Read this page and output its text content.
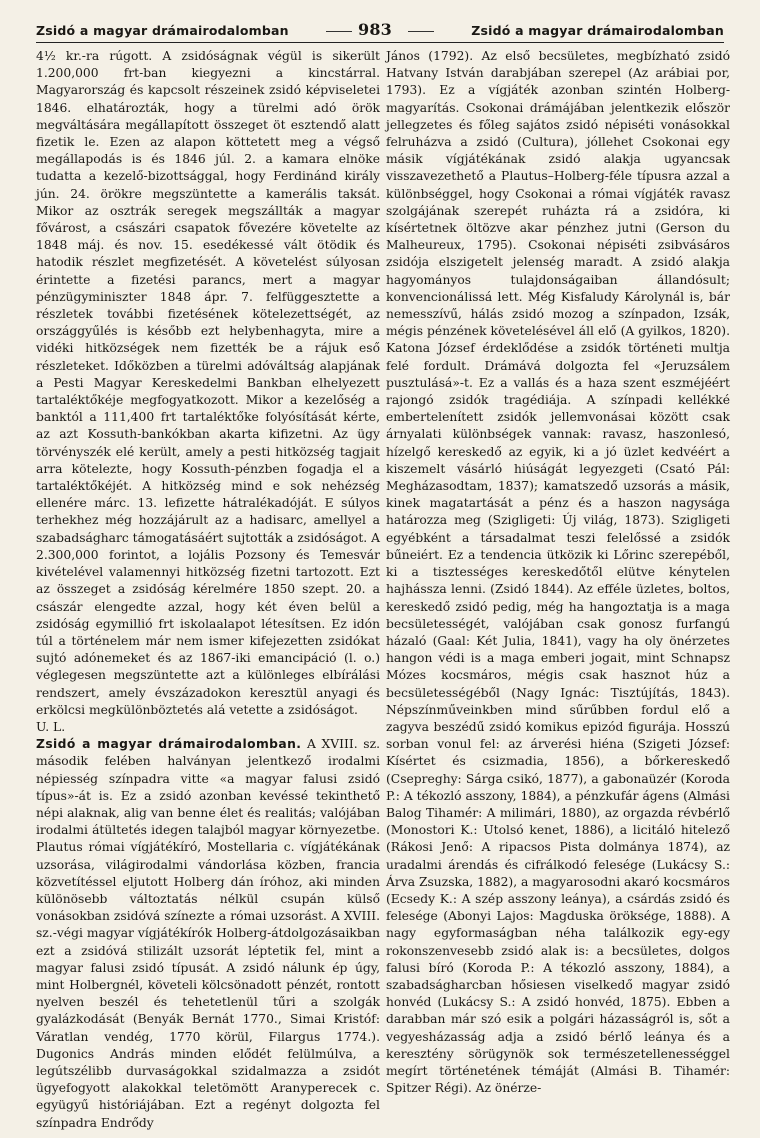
Zsidó a magyar drámairodalomban	983	Zsidó a magyar drámairodalomban

4½ kr.-ra rúgott. A zsidóságnak végül is sikerült 1.200,000 frt-ban kiegyezni a kincstárral. Magyarország és kapcsolt részeinek zsidó képviseletei 1846. elhatározták, hogy a türelmi adó örök megváltására megállapított összeget öt esztendő alatt fizetik le. Ezen az alapon köttetett meg a végső megállapodás is és 1846 júl. 2. a kamara elnöke tudatta a kezelő-bizottsággal, hogy Ferdinánd király jún. 24. örökre megszüntette a kamerális taksát. Mikor az osztrák seregek megszállták a magyar fővárost, a császári csapatok fővezére követelte az 1848 máj. és nov. 15. esedékessé vált ötödik és hatodik részlet megfizetését. A követelést súlyosan érintette a fizetési parancs, mert a magyar pénzügyminiszter 1848 ápr. 7. felfüggesztette a részletek további fizetésének kötelezettségét, az országgyűlés is később ezt helybenhagyta, mire a vidéki hitközségek nem fizették be a rájuk eső részleteket. Időközben a türelmi adóváltság alapjának a Pesti Magyar Kereskedelmi Bankban elhelyezett tartaléktőkéje megfogyatkozott. Mikor a kezelőség a banktól a 111,400 frt tartaléktőke folyósítását kérte, az azt Kossuth-bankókban akarta kifizetni. Az ügy törvényszék elé került, amely a pesti hitközség tagjait arra kötelezte, hogy Kossuth-pénzben fogadja el a tartaléktőkéjét. A hitközség mind e sok nehézség ellenére márc. 13. lefizette hátralékadóját. E súlyos terhekhez még hozzájárult az a hadisarc, amellyel a szabadságharc támogatásáért sujtották a zsidóságot. A 2.300,000 forintot, a lojális Pozsony és Temesvár kivételével valamennyi hitközség fizetni tartozott. Ezt az összeget a zsidóság kérelmére 1850 szept. 20. a császár elengedte azzal, hogy két éven belül a zsidóság egymillió frt iskolaalapot létesítsen. Ez idón túl a történelem már nem ismer kifejezetten zsidókat sujtó adónemeket és az 1867-iki emancipáció (l. o.) véglegesen megszüntette azt a különleges elbírálási rendszert, amely évszázadokon keresztül anyagi és erkölcsi megkülönböztetés alá vetette a zsidóságot.

U. L.

Zsidó a magyar drámairodalomban. A XVIII. sz. második felében halványan jelentkező irodalmi népiesség színpadra vitte «a magyar falusi zsidó típus»-át is. Ez a zsidó azonban kevéssé tekinthető népi alaknak, alig van benne élet és realitás; valójában irodalmi átültetés idegen talajból magyar környezetbe. Plautus római vígjátékíró, Mostellaria c. vígjátékának uzsorása, világirodalmi vándorlása közben, francia közvetítéssel eljutott Holberg dán íróhoz, aki minden különösebb változtatás nélkül csupán külső vonásokban zsidóvá színezte a római uzsorást. A XVIII. sz.-végi magyar vígjátékírók Holberg-átdolgozásaikban ezt a zsidóvá stilizált uzsorát léptetik fel, mint a magyar falusi zsidó típusát. A zsidó nálunk ép úgy, mint Holbergnél, követeli kölcsönadott pénzét, rontott nyelven beszél és tehetetlenül tűri a szolgák gyalázkodását (Benyák Bernát 1770., Simai Kristóf: Váratlan vendég, 1770 körül, Filargus 1774.). Dugonics András minden elődét felülmúlva, a legútszélibb durvaságokkal szidalmazza a zsidót ügyefogyott alakokkal teletömött Aranyperecek c. együgyű históriájában. Ezt a regényt dolgozta fel színpadra Endrődy

János (1792). Az első becsületes, megbízható zsidó Hatvany István darabjában szerepel (Az arábiai por, 1793). Ez a vígjáték azonban szintén Holberg-magyarítás. Csokonai drámájában jelentkezik először jellegzetes és főleg sajátos zsidó népiséti vonásokkal felruházva a zsidó (Cultura), jóllehet Csokonai egy másik vígjátékának zsidó alakja ugyancsak visszavezethető a Plautus–Holberg-féle típusra azzal a különbséggel, hogy Csokonai a római vígjáték ravasz szolgájának szerepét ruházta rá a zsidóra, ki kísértetnek öltözve akar pénzhez jutni (Gerson du Malheureux, 1795). Csokonai népiséti zsibvásáros zsidója elszigetelt jelenség maradt. A zsidó alakja hagyományos tulajdonságaiban állandósult; konvencionálissá lett. Még Kisfaludy Károlynál is, bár nemesszívű, hálás zsidó mozog a színpadon, Izsák, mégis pénzének követelésével áll elő (A gyilkos, 1820). Katona József érdeklődése a zsidók történeti multja felé fordult. Drámává dolgozta fel «Jeruzsálem pusztulásá»-t. Ez a vallás és a haza szent eszméjéért rajongó zsidók tragédiája. A színpadi kellékké embertelenített zsidók jellemvonásai között csak árnyalati különbségek vannak: ravasz, haszonlesó, hízelgő kereskedő az egyik, ki a jó üzlet kedvéért a kiszemelt vásárló hiúságát legyezgeti (Csató Pál: Megházasodtam, 1837); kamatszedő uzsorás a másik, kinek magatartását a pénz és a haszon nagysága határozza meg (Szigligeti: Új világ, 1873). Szigligeti egyébként a társadalmat teszi felelőssé a zsidók bűneiért. Ez a tendencia ütközik ki Lőrinc szerepéből, ki a tisztességes kereskedőtől elütve kénytelen hajhássza lenni. (Zsidó 1844). Az efféle üzletes, boltos, kereskedő zsidó pedig, még ha hangoztatja is a maga becsületességét, valójában csak gonosz furfangú házaló (Gaal: Két Julia, 1841), vagy ha oly önérzetes hangon védi is a maga emberi jogait, mint Schnapsz Mózes kocsmáros, mégis csak hasznot húz a becsületességéből (Nagy Ignác: Tisztújítás, 1843). Népszínműveinkben mind sűrűbben fordul elő a zagyva beszédű zsidó komikus epizód figurája. Hosszú sorban vonul fel: az árverési hiéna (Szigeti József: Kísértet és csizmadia, 1856), a bőrkereskedő (Csepreghy: Sárga csikó, 1877), a gabonaüzér (Koroda P.: A tékozló asszony, 1884), a pénzkufár ágens (Almási Balog Tihamér: A milimári, 1880), az orgazda révbérlő (Monostori K.: Utolsó kenet, 1886), a licitáló hitelező (Rákosi Jenő: A ripacsos Pista dolmánya 1874), az uradalmi árendás és cifrálkodó felesége (Lukácsy S.: Árva Zsuzska, 1882), a magyarosodni akaró kocsmáros (Ecsedy K.: A szép asszony leánya), a csárdás zsidó és felesége (Abonyi Lajos: Magduska öröksége, 1888). A nagy egyformaságban néha találkozik egy-egy rokonszenvesebb zsidó alak is: a becsületes, dolgos falusi bíró (Koroda P.: A tékozló asszony, 1884), a szabadságharcban hősiesen viselkedő magyar zsidó honvéd (Lukácsy S.: A zsidó honvéd, 1875). Ebben a darabban már szó esik a polgári házasságról is, sőt a vegyesházasság adja a zsidó bérlő leánya és a keresztény sörügynök sok természetellenességgel megírt történetének témáját (Almási B. Tihamér: Spitzer Régi). Az önérze-
